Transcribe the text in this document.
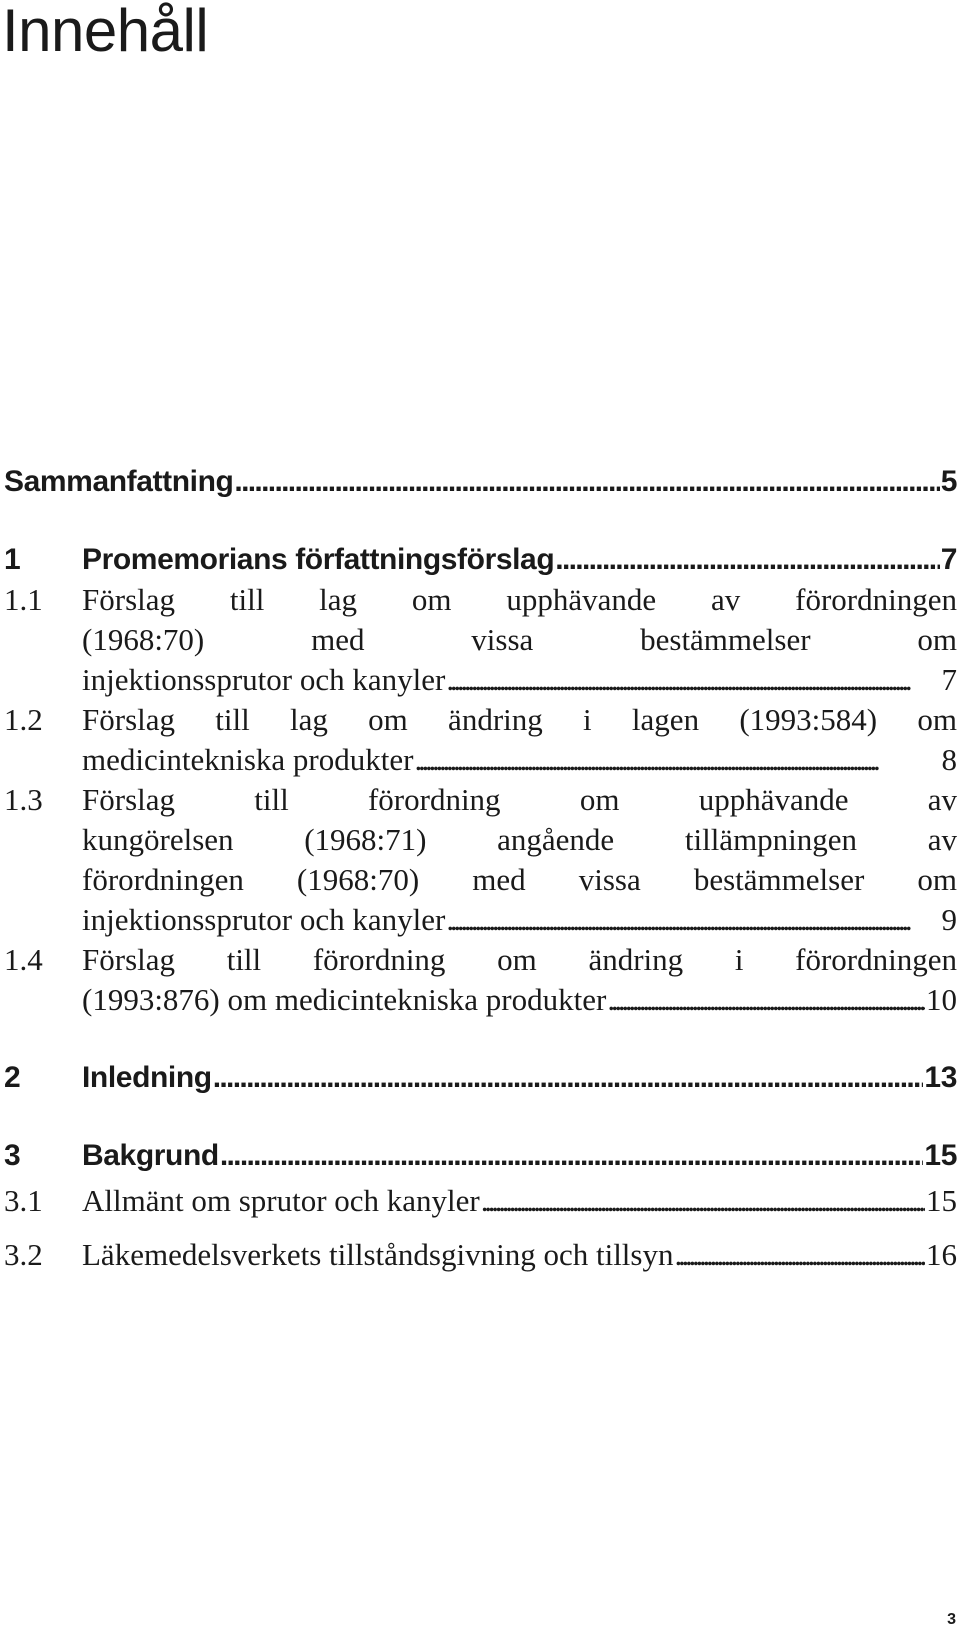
Innehåll
Sammanfattning . . .	5
1	Promemorians författningsförslag . . .	7
1.1	Förslag till lag om upphävande av förordningen
(1968:70) med vissa bestämmelser om
injektionssprutor och kanyler . . .	7
1.2	Förslag till lag om ändring i lagen (1993:584) om
medicintekniska produkter . . .	8
1.3	Förslag till förordning om upphävande av
kungörelsen (1968:71) angående tillämpningen av
förordningen (1968:70) med vissa bestämmelser om
injektionssprutor och kanyler . . .	9
1.4	Förslag till förordning om ändring i förordningen
(1993:876) om medicintekniska produkter . . .	10
2	Inledning . . .	13
3	Bakgrund . . .	15
3.1	Allmänt om sprutor och kanyler . . .	15
3.2	Läkemedelsverkets tillståndsgivning och tillsyn . . .	16
3
